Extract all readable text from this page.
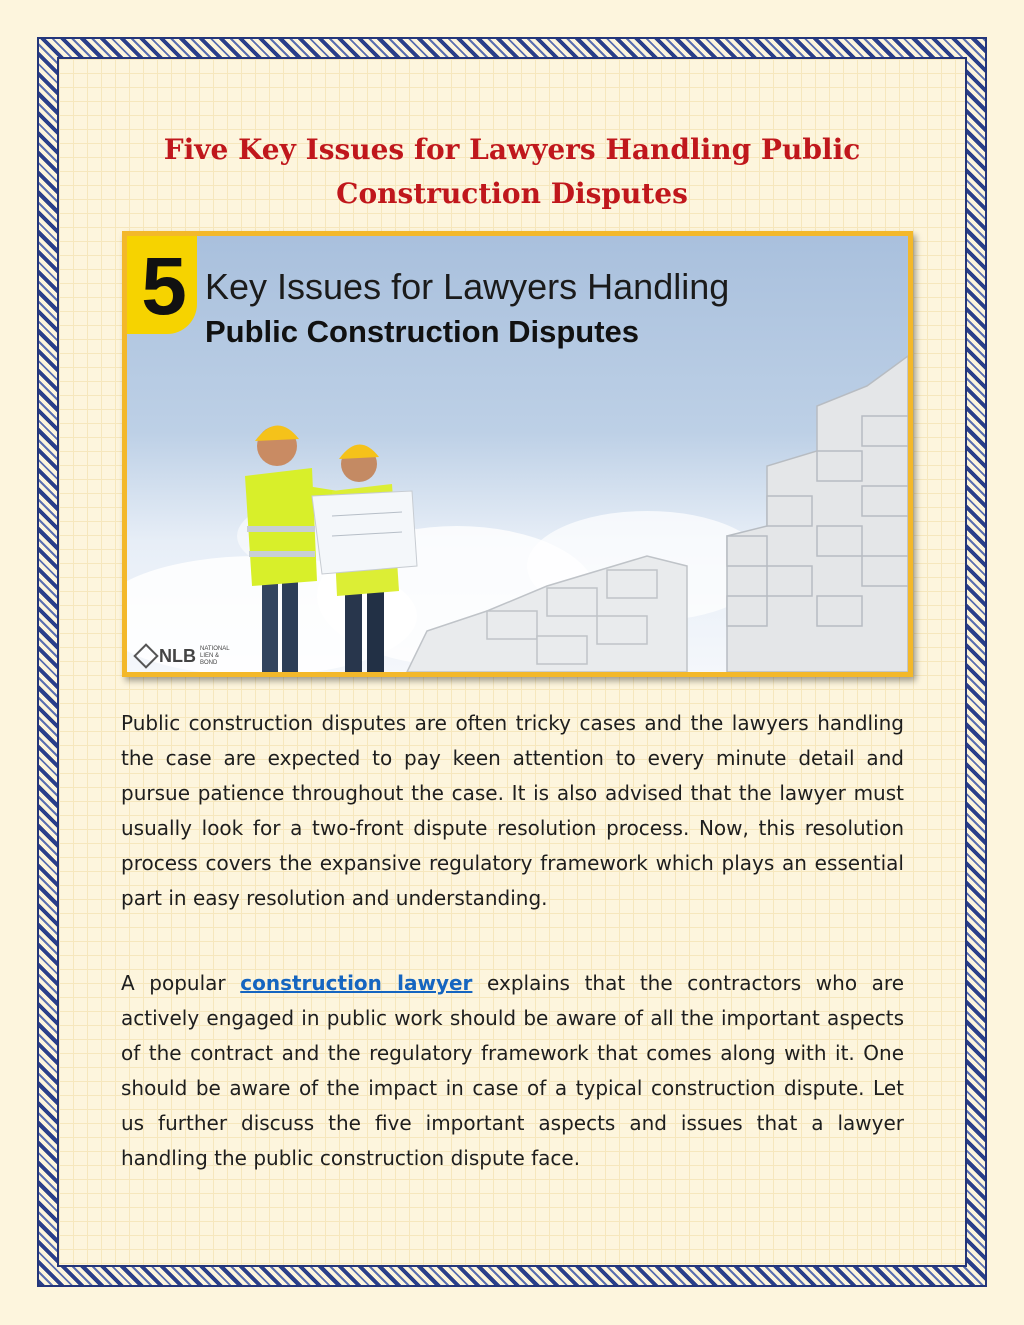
Five Key Issues for Lawyers Handling Public Construction Disputes
5 Key Issues for Lawyers Handling
Public Construction Disputes
NLB NATIONAL LIEN & BOND

Public construction disputes are often tricky cases and the lawyers handling the case are expected to pay keen attention to every minute detail and pursue patience throughout the case. It is also advised that the lawyer must usually look for a two-front dispute resolution process. Now, this resolution process covers the expansive regulatory framework which plays an essential part in easy resolution and understanding.

A popular construction lawyer explains that the contractors who are actively engaged in public work should be aware of all the important aspects of the contract and the regulatory framework that comes along with it. One should be aware of the impact in case of a typical construction dispute. Let us further discuss the five important aspects and issues that a lawyer handling the public construction dispute face.
